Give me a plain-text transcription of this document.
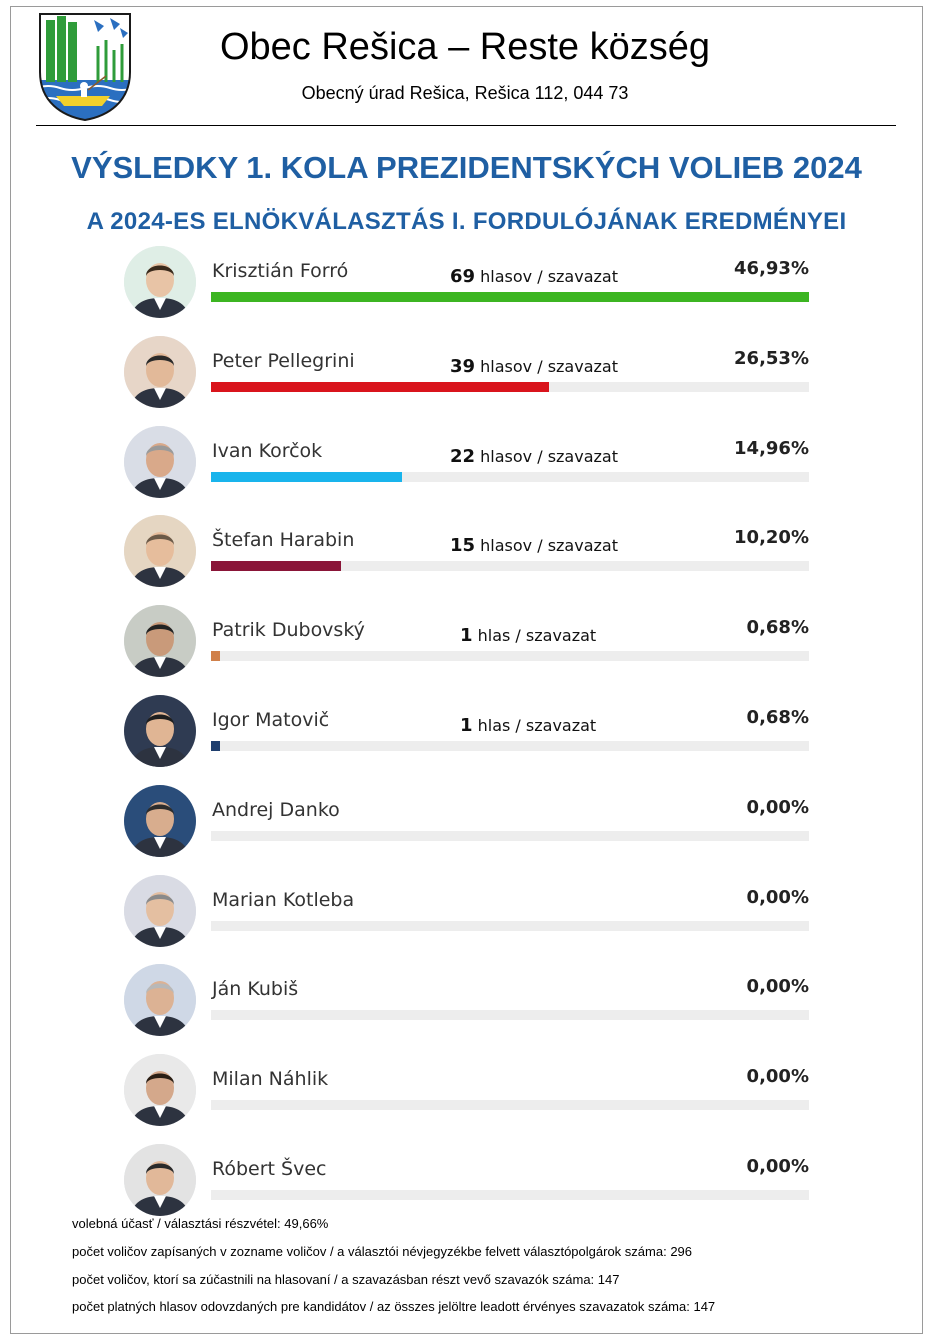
Obec Rešica – Reste község
Obecný úrad Rešica, Rešica 112, 044 73
VÝSLEDKY 1. KOLA PREZIDENTSKÝCH VOLIEB 2024
A 2024-ES ELNÖKVÁLASZTÁS I. FORDULÓJÁNAK EREDMÉNYEI
Krisztián Forró	69 hlasov / szavazat	46,93%
Peter Pellegrini	39 hlasov / szavazat	26,53%
Ivan Korčok	22 hlasov / szavazat	14,96%
Štefan Harabin	15 hlasov / szavazat	10,20%
Patrik Dubovský	1 hlas / szavazat	0,68%
Igor Matovič	1 hlas / szavazat	0,68%
Andrej Danko	0,00%
Marian Kotleba	0,00%
Ján Kubiš	0,00%
Milan Náhlik	0,00%
Róbert Švec	0,00%
volebná účasť / választási részvétel: 49,66%
počet voličov zapísaných v zozname voličov / a választói névjegyzékbe felvett választópolgárok száma: 296
počet voličov, ktorí sa zúčastnili na hlasovaní / a szavazásban részt vevő szavazók száma: 147
počet platných hlasov odovzdaných pre kandidátov / az összes jelöltre leadott érvényes szavazatok száma: 147
